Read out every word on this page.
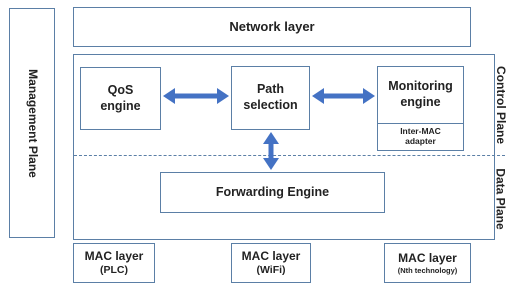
Management Plane
Network layer
Control Plane
Data Plane
QoS
engine
Path
selection
Monitoring
engine
Inter-MAC
adapter
Forwarding Engine
MAC layer
(PLC)
MAC layer
(WiFi)
MAC layer
(Nth technology)
